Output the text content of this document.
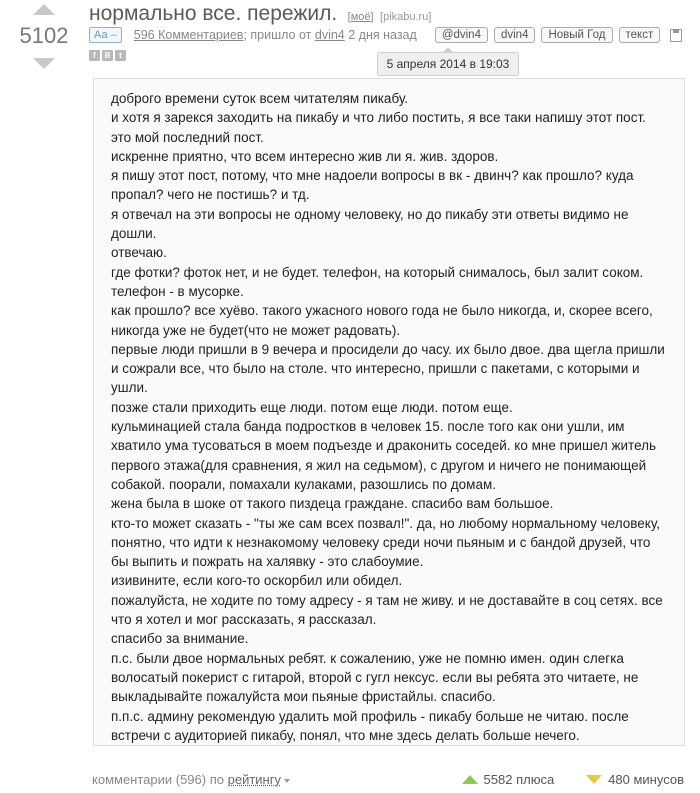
5102
нормально все. пережил. [моё] [pikabu.ru]
Аа –	596 Комментариев ; пришло от
dvin4
2 дня назад	@dvin4	dvin4	Новый Год	текст
f	В	t
5 апреля 2014 в 19:03

доброго времени суток всем читателям пикабу.

и хотя я зарекся заходить на пикабу и что либо постить, я все таки напишу этот пост. это мой последний пост.

искренне приятно, что всем интересно жив ли я. жив. здоров.

я пишу этот пост, потому, что мне надоели вопросы в вк - двинч? как прошло? куда пропал? чего не постишь? и тд.

я отвечал на эти вопросы не одному человеку, но до пикабу эти ответы видимо не дошли.

отвечаю.

где фотки? фоток нет, и не будет. телефон, на который снималось, был залит соком. телефон - в мусорке.

как прошло? все хуёво. такого ужасного нового года не было никогда, и, скорее всего, никогда уже не будет(что не может радовать).

первые люди пришли в 9 вечера и просидели до часу. их было двое. два щегла пришли и сожрали все, что было на столе. что интересно, пришли с пакетами, с которыми и ушли.

позже стали приходить еще люди. потом еще люди. потом еще.

кульминацией стала банда подростков в человек 15. после того как они ушли, им хватило ума тусоваться в моем подъезде и драконить соседей. ко мне пришел житель первого этажа(для сравнения, я жил на седьмом), с другом и ничего не понимающей собакой. поорали, помахали кулаками, разошлись по домам.

жена была в шоке от такого пиздеца граждане. спасибо вам большое.

кто-то может сказать - "ты же сам всех позвал!". да, но любому нормальному человеку, понятно, что идти к незнакомому человеку среди ночи пьяным и с бандой друзей, что бы выпить и пожрать на халявку - это слабоумие.

изивините, если кого-то оскорбил или обидел.

пожалуйста, не ходите по тому адресу - я там не живу. и не доставайте в соц сетях. все что я хотел и мог рассказать, я рассказал.

спасибо за внимание.

п.с. были двое нормальных ребят. к сожалению, уже не помню имен. один слегка волосатый покерист с гитарой, второй с гугл нексус. если вы ребята это читаете, не выкладывайте пожалуйста мои пьяные фристайлы. спасибо.

п.п.с. админу рекомендую удалить мой профиль - пикабу больше не читаю. после встречи с аудиторией пикабу, понял, что мне здесь делать больше нечего.

комментарии (596) по рейтингу	5582 плюса	480 минусов
